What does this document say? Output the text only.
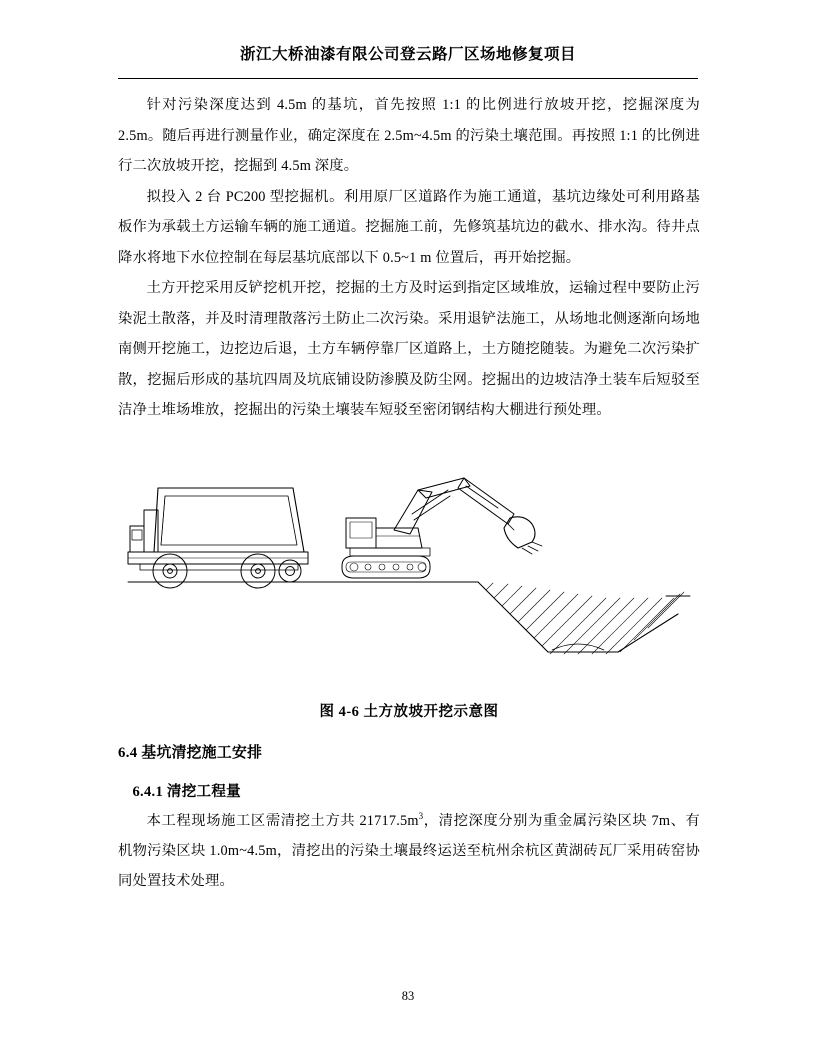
浙江大桥油漆有限公司登云路厂区场地修复项目

针对污染深度达到 4.5m 的基坑，首先按照 1:1 的比例进行放坡开挖，挖掘深度为 2.5m。随后再进行测量作业，确定深度在 2.5m~4.5m 的污染土壤范围。再按照 1:1 的比例进行二次放坡开挖，挖掘到 4.5m 深度。

拟投入 2 台 PC200 型挖掘机。利用原厂区道路作为施工通道，基坑边缘处可利用路基板作为承载土方运输车辆的施工通道。挖掘施工前，先修筑基坑边的截水、排水沟。待井点降水将地下水位控制在每层基坑底部以下 0.5~1 m 位置后，再开始挖掘。

土方开挖采用反铲挖机开挖，挖掘的土方及时运到指定区域堆放，运输过程中要防止污染泥土散落，并及时清理散落污土防止二次污染。采用退铲法施工，从场地北侧逐渐向场地南侧开挖施工，边挖边后退，土方车辆停靠厂区道路上，土方随挖随装。为避免二次污染扩散，挖掘后形成的基坑四周及坑底铺设防渗膜及防尘网。挖掘出的边坡洁净土装车后短驳至洁净土堆场堆放，挖掘出的污染土壤装车短驳至密闭钢结构大棚进行预处理。

图 4-6 土方放坡开挖示意图
6.4 基坑清挖施工安排
6.4.1 清挖工程量

本工程现场施工区需清挖土方共 $21717.5m^3$，清挖深度分别为重金属污染区块 7m、有机物污染区块 1.0m~4.5m，清挖出的污染土壤最终运送至杭州余杭区黄湖砖瓦厂采用砖窑协同处置技术处理。

83
